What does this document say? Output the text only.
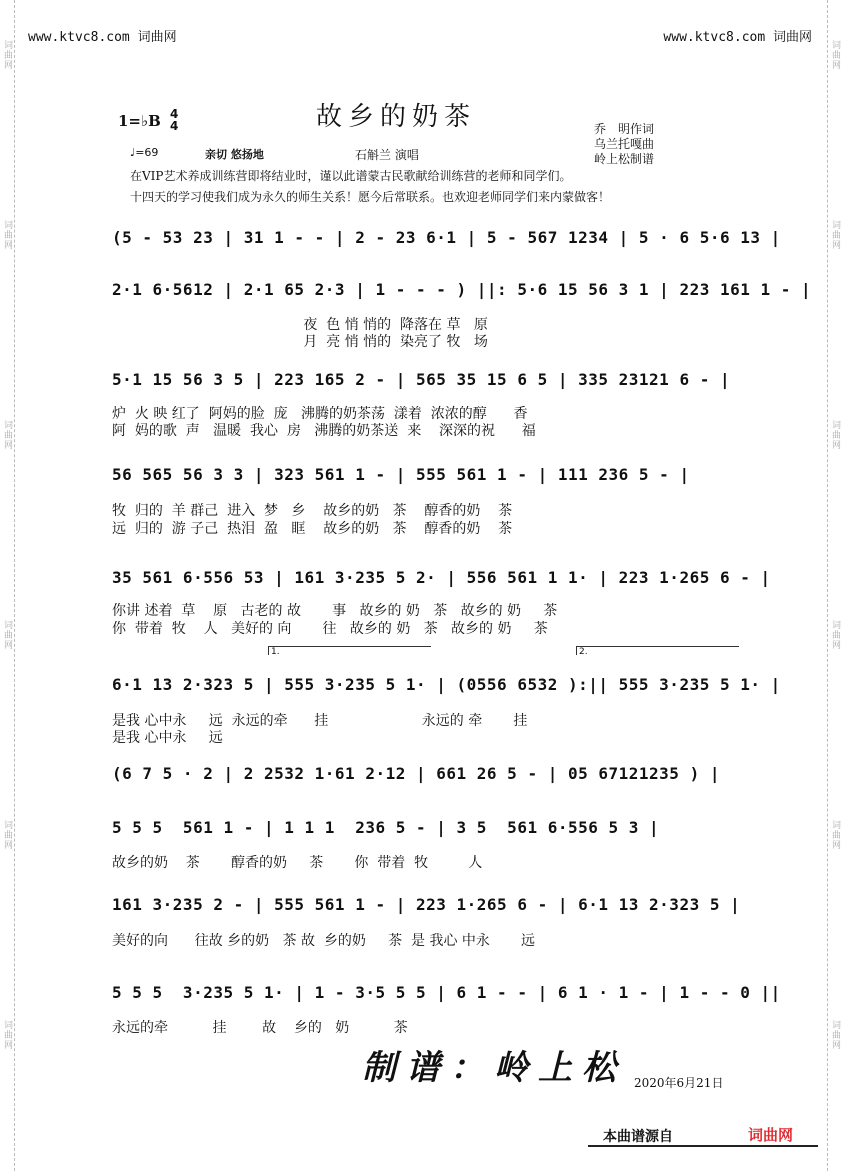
词曲网
词曲网
词曲网
词曲网
词曲网
词曲网
词曲网
词曲网
词曲网
词曲网
词曲网
词曲网
www.ktvc8.com 词曲网	www.ktvc8.com 词曲网
1=♭B 4
4	故乡的奶茶	乔　明作词
乌兰托嘎曲
岭上松制谱
♩=69	亲切 悠扬地	石斛兰 演唱
在VIP艺术养成训练营即将结业时，谨以此谱蒙古民歌献给训练营的老师和同学们。
十四天的学习使我们成为永久的师生关系！愿今后常联系。也欢迎老师同学们来内蒙做客！
(5 - 53 23 | 31 1 - - | 2 - 23 6·1 | 5 - 567 1234 | 5 · 6 5·6 13 |
2·1 6·5612 | 2·1 65 2·3 | 1 - - - ) ||: 5·6 15 56 3 1 | 223 161 1 - |
夜  色 悄 悄的  降落在 草   原
月  亮 悄 悄的  染亮了 牧   场
5·1 15 56 3 5 | 223 165 2 - | 565 35 15 6 5 | 335 23121 6 - |
炉  火 映 红了  阿妈的脸  庞   沸腾的奶茶荡  漾着  浓浓的醇      香
阿  妈的歌  声   温暖  我心  房   沸腾的奶茶送  来    深深的祝      福
56 565 56 3 3 | 323 561 1 - | 555 561 1 - | 111 236 5 - |
牧  归的  羊 群己  进入  梦   乡    故乡的奶   茶    醇香的奶    茶
远  归的  游 子己  热泪  盈   眶    故乡的奶   茶    醇香的奶    茶
35 561 6·556 53 | 161 3·235 5 2· | 556 561 1 1· | 223 1·265 6 - |
你讲 述着  草    原   古老的 故       事   故乡的 奶   茶   故乡的 奶     茶
你  带着  牧    人   美好的 向       往   故乡的 奶   茶   故乡的 奶     茶
1.	2.
6·1 13 2·323 5 | 555 3·235 5 1· | (0556 6532 ):|| 555 3·235 5 1· |
是我 心中永     远  永远的牵      挂                     永远的 牵       挂
是我 心中永     远
(6 7 5 · 2 | 2 2532 1·61 2·12 | 661 26 5 - | 05 67121235 ) |
5 5 5  561 1 - | 1 1 1  236 5 - | 3 5  561 6·556 5 3 |
故乡的奶    茶       醇香的奶     茶       你  带着  牧         人
161 3·235 2 - | 555 561 1 - | 223 1·265 6 - | 6·1 13 2·323 5 |
美好的向      往故 乡的奶   茶 故  乡的奶     茶  是 我心 中永       远
5 5 5  3·235 5 1· | 1 - 3·5 5 5 | 6 1 - - | 6 1 · 1 - | 1 - - 0 ||
永远的牵          挂        故    乡的   奶          茶
制谱：岭上松 2020年6月21日
本曲谱源自	词曲网
